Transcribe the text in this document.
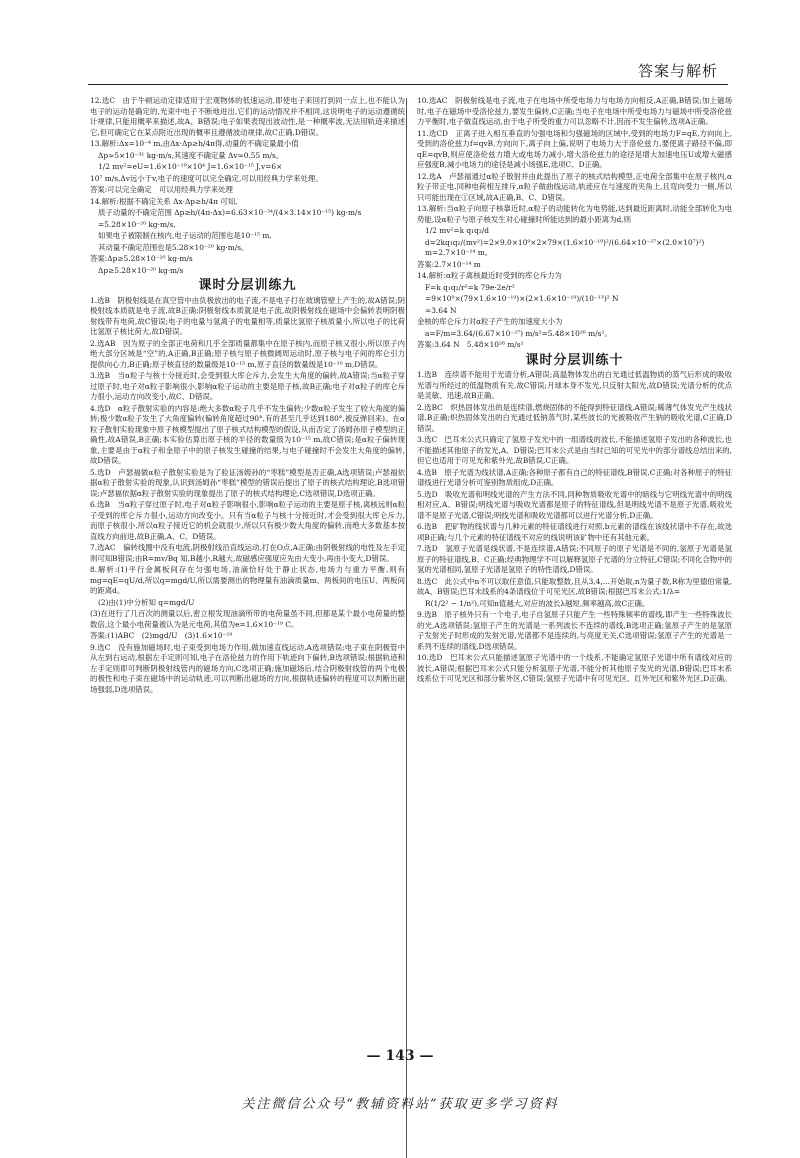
答案与解析

12.选C　由于牛顿运动定律适用于宏观物体的低速运动,即使电子来回打到同一点上,也不能认为电子的运动是确定的,光束中电子不断地进出,它们的运动情况并不相同,这说明电子的运动遵循统计规律,只能用概率来描述,故A、B错误;电子如果表现出波动性,是一种概率波,无法用轨迹来描述它,但可确定它在某点附近出现的概率且遵循波动规律,故C正确,D错误。

13.解析:Δx=10⁻⁴ m,由Δx·Δp≥h/4π得,动量的不确定量最小值

Δp≈5×10⁻³¹ kg·m/s,其速度不确定量 Δv≈0.55 m/s。

1/2 mv²=eU=1.6×10⁻¹⁹×10⁴ J=1.6×10⁻¹⁵ J,v=6×

10⁷ m/s,Δv远小于v,电子的速度可以完全确定,可以用经典力学来处理。

答案:可以完全确定　可以用经典力学来处理

14.解析:根据不确定关系 Δx·Δp≥h/4π 可知,

质子动量的不确定范围 Δp≥h/(4π·Δx)=6.63×10⁻³⁴/(4×3.14×10⁻¹⁵) kg·m/s

=5.28×10⁻²⁰ kg·m/s,

如果电子被限制在核内,电子运动的范围也是10⁻¹⁵ m,

其动量不确定范围也是5.28×10⁻²⁰ kg·m/s。

答案:Δp≥5.28×10⁻²⁰ kg·m/s

Δp≥5.28×10⁻²⁰ kg·m/s

课时分层训练九

1.选B　阴极射线是在真空管中由负极放出的电子流,不是电子打在玻璃管壁上产生的,故A错误;阴极射线本质就是电子流,故B正确;阴极射线本质就是电子流,故阴极射线在磁场中会偏转表明阴极射线带有电荷,故C错误;电子的电量与氢离子的电量相等,质量比氢原子核质量小,所以电子的比荷比氢原子核比荷大,故D错误。

2.选AB　因为原子的全部正电荷和几乎全部质量都集中在原子核内,而原子核又很小,所以原子内绝大部分区域是“空”的,A正确,B正确;原子核与原子核微阔周运动时,原子核与电子间的库仑引力提供向心力,B正确;原子核直径的数量级是10⁻¹⁵ m,原子直径的数量级是10⁻¹⁰ m,D错误。

3.选B　当α粒子与核十分接近时,会受到很大库仑斥力,会发生大角度的偏转,故A错误;当α粒子穿过原子时,电子对α粒子影响很小,影响α粒子运动的主要是原子核,故B正确;电子对α粒子的库仑斥力很小,运动方向改变小,故C、D错误。

4.选D　α粒子散射实验的内容是:绝大多数α粒子几乎不发生偏转;少数α粒子发生了较大角度的偏转;极少数α粒子发生了大角度偏转(偏转角度超过90°,有的甚至几乎达到180°,被反弹回来)。在α粒子散射实验现象中原子核模型提出了原子核式结构模型的假设,从而否定了汤姆孙原子模型的正确性,故A错误,B正确;本实验估算出原子核的半径的数量级为10⁻¹⁵ m,故C错误;是α粒子偏转现象,主要是由于α粒子和金原子中的原子核发生碰撞的结果,与电子碰撞时不会发生大角度的偏转,故D错误。

5.选D　卢瑟福做α粒子散射实验是为了验证汤姆孙的“枣糕”模型是否正确,A选项错误;卢瑟福依据α粒子散射实验的现象,认识到汤姆孙“枣糕”模型的错误后提出了原子的核式结构理论,B选项错误;卢瑟福依据α粒子散射实验的现象提出了原子的核式结构理论,C选项错误,D选项正确。

6.选B　当α粒子穿过原子时,电子对α粒子影响很小,影响α粒子运动的主要是原子核,离核远则α粒子受到的库仑斥力很小,运动方向改变小。只有当α粒子与核十分接近时,才会受到很大库仑斥力,而原子核很小,所以α粒子接近它的机会就很少,所以只有极少数大角度的偏转,而绝大多数基本按直线方向前进,故B正确,A、C、D错误。

7.选AC　偏转线圈中没有电流,阴极射线沿直线运动,打在O点,A正确;由阴极射线的电性及左手定则可知B错误;由R=mv/Bq 知,B越小,R越大,故磁感应强度应先由大变小,再由小变大,D错误。

8.解析:(1)平行金属板间存在匀强电场,油滴恰好处于静止状态,电场力与重力平衡,则有 mg=qE=qU/d,所以q=mgd/U,所以需要测出的物理量有油滴质量m、两板间的电压U、两板间的距离d。

(2)由(1)中分析知 q=mgd/U

(3)在进行了几百次的测量以后,密立根发现油滴所带的电荷量虽不同,但都是某个最小电荷量的整数倍,这个最小电荷量被认为是元电荷,其值为e=1.6×10⁻¹⁹ C。

答案:(1)ABC　(2)mgd/U　(3)1.6×10⁻¹⁹

9.选C　没有施加磁场时,电子束受到电场力作用,做加速直线运动,A选项错误;电子束在阴极管中从左到右运动,根据左手定则可知,电子在洛伦兹力的作用下轨迹向下偏转,B选项错误;根据轨迹和左手定则即可判断阴极射线管内的磁场方向,C选项正确;施加磁场后,结合阴极射线管的两个电极的极性和电子束在磁场中的运动轨迹,可以判断出磁场的方向,根据轨迹偏转的程度可以判断出磁场强弱,D选项错误。

10.选AC　阴极射线是电子流,电子在电场中所受电场力与电场方向相反,A正确,B错误;加上磁场时,电子在磁场中受洛伦兹力,要发生偏转,C正确;当电子在电场中所受电场力与磁场中所受洛伦兹力平衡时,电子做直线运动,由于电子所受的重力可以忽略不计,因而不发生偏转,选项A正确。

11.选CD　正离子进入相互垂直的匀强电场和匀强磁场的区域中,受到的电场力F=qE,方向向上,受到的洛伦兹力f=qvB,方向向下,离子向上偏,说明了电场力大于洛伦兹力,要使离子路径不偏,即qE=qvB,则应使洛伦兹力增大或电场力减小,增大洛伦兹力的途径是增大加速电压U或增大磁感应强度B,减小电场力的途径是减小场强E,选项C、D正确。

12.选A　卢瑟福通过α粒子散射并由此提出了原子的核式结构模型,正电荷全部集中在原子核内,α粒子带正电,同种电荷相互排斥,α粒子做曲线运动,轨迹应在与速度的夹角上,且弯向受力一侧,所以只可能出现在①区域,故A正确,B、C、D错误。

13.解析:当α粒子向原子核靠近时,α粒子的动能转化为电势能,达到最近距离时,动能全部转化为电势能,设α粒子与原子核发生对心碰撞时所能达到的最小距离为d,则

1/2 mv²=k q₁q₂/d

d=2kq₁q₂/(mv²)=2×9.0×10⁹×2×79×(1.6×10⁻¹⁹)²/(6.64×10⁻²⁷×(2.0×10⁷)²) m=2.7×10⁻¹⁴ m。

答案:2.7×10⁻¹⁴ m

14.解析:α粒子离核最近时受到的库仑斥力为

F=k q₁q₂/r²=k 79e·2e/r²

=9×10⁹×(79×1.6×10⁻¹⁹)×(2×1.6×10⁻¹⁹)/(10⁻¹³)² N

≈3.64 N

金核的库仑斥力对α粒子产生的加速度大小为

a=F/m=3.64/(6.67×10⁻²⁷) m/s²=5.48×10²⁶ m/s²。

答案:3.64 N　5.48×10²⁶ m/s²

课时分层训练十

1.选B　连续谱不能用于光谱分析,A错误;高温物体发出的白光通过低温物质的蒸气后形成的吸收光谱与所经过的低温物质有关,故C错误;月球本身不发光,只反射太阳光,故D错误;光谱分析的优点是灵敏、迅速,故B正确。

2.选BC　炽热固体发出的是连续谱,燃烧固体的不能得到特征谱线,A错误;稀薄气体发光产生线状谱,B正确;炽热固体发出的白光通过低钠蒸气时,某些波长的光被吸收产生钠的吸收光谱,C正确,D错误。

3.选C　巴耳末公式只确定了氢原子发光中的一组谱线的波长,不能描述氢原子发出的各种波长,也不能描述其他原子的发光,A、D错误;巴耳末公式是由当时已知的可见光中的部分谱线总结出来的,但它也适用于可见光和紫外光,故B错误,C正确。

4.选B　原子光谱为线状谱,A正确;各种原子都有自己的特征谱线,B错误,C正确;对各种原子的特征谱线进行光谱分析可鉴别物质组成,D正确。

5.选D　吸收光谱和明线光谱的产生方法不同,同种物质吸收光谱中的暗线与它明线光谱中的明线相对应,A、B错误;明线光谱与吸收光谱都是原子的特征谱线,但是明线光谱不是原子光谱,吸收光谱不是原子光谱,C错误;明线光谱和吸收光谱都可以进行光谱分析,D正确。

6.选B　把矿物的线状谱与几种元素的特征谱线进行对照,b元素的谱线在该线状谱中不存在,故选项B正确;与几个元素的特征谱线不对应的线说明该矿物中还有其他元素。

7.选D　氢原子光谱是线状谱,不是连续谱,A错误;不同原子的原子光谱是不同的,氢原子光谱是氢原子的特征谱线,B、C正确;经典物理学不可以解释氢原子光谱的分立特征,C错误;不同化合物中的氢的光谱相同,氢原子光谱是氢原子的特性谱线,D错误。

8.选C　此公式中n不可以取任意值,只能取整数,且从3,4,…开始取,n为量子数,R称为里德伯常量,故A、B错误;巴耳末线系的4条谱线位于可见光区,故B错误;根据巴耳末公式:1/λ=

R(1/2² − 1/n²),可知n值越大,对应的波长λ越短,频率越高,故C正确。

9.选B　原子核外只有一个电子,电子自氢原子只能产生一些特殊频率的谱线,即产生一些特殊波长的光,A选项错误;氢原子产生的光谱是一系列波长不连续的谱线,B选项正确;氢原子产生的是氢原子发射光子时形成的发射光谱,光谱都不是连续的,与亮度无关,C选项错误;氢原子产生的光谱是一系列不连续的谱线,D选项错误。

10.选D　巴耳末公式只能描述氢原子光谱中的一个线系,不能确定氢原子光谱中所有谱线对应的波长,A错误;根据巴耳末公式只能分析氢原子光谱,不能分析其他原子发光的光谱,B错误;巴耳末系线系位于可见光区和部分紫外区,C错误;氢原子光谱中有可见光区、红外光区和紫外光区,D正确。

— 143 —
关注微信公众号“教辅资料站”获取更多学习资料
